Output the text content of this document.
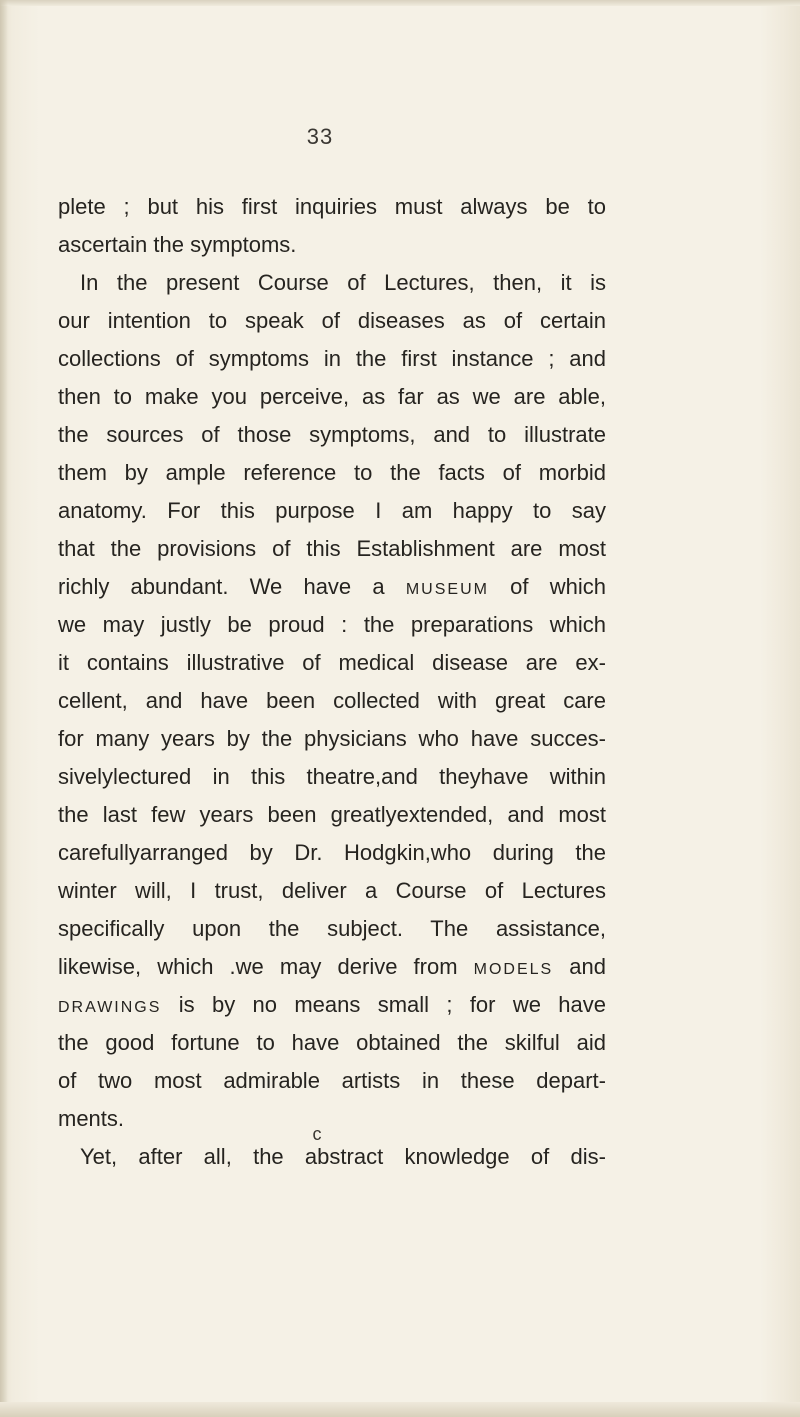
33
plete ; but his first inquiries must always be to
ascertain the symptoms.
In the present Course of Lectures, then, it is
our intention to speak of diseases as of certain
collections of symptoms in the first instance ; and
then to make you perceive, as far as we are able,
the sources of those symptoms, and to illustrate
them by ample reference to the facts of morbid
anatomy. For this purpose I am happy to say
that the provisions of this Establishment are most
richly abundant. We have a MUSEUM of which
we may justly be proud : the preparations which
it contains illustrative of medical disease are ex-
cellent, and have been collected with great care
for many years by the physicians who have succes-
sivelylectured in this theatre,and theyhave within
the last few years been greatlyextended, and most
carefullyarranged by Dr. Hodgkin,who during the
winter will, I trust, deliver a Course of Lectures
specifically upon the subject. The assistance,
likewise, which .we may derive from MODELS and
DRAWINGS is by no means small ; for we have
the good fortune to have obtained the skilful aid
of two most admirable artists in these depart-
ments.
Yet, after all, the abstract knowledge of dis-
c
